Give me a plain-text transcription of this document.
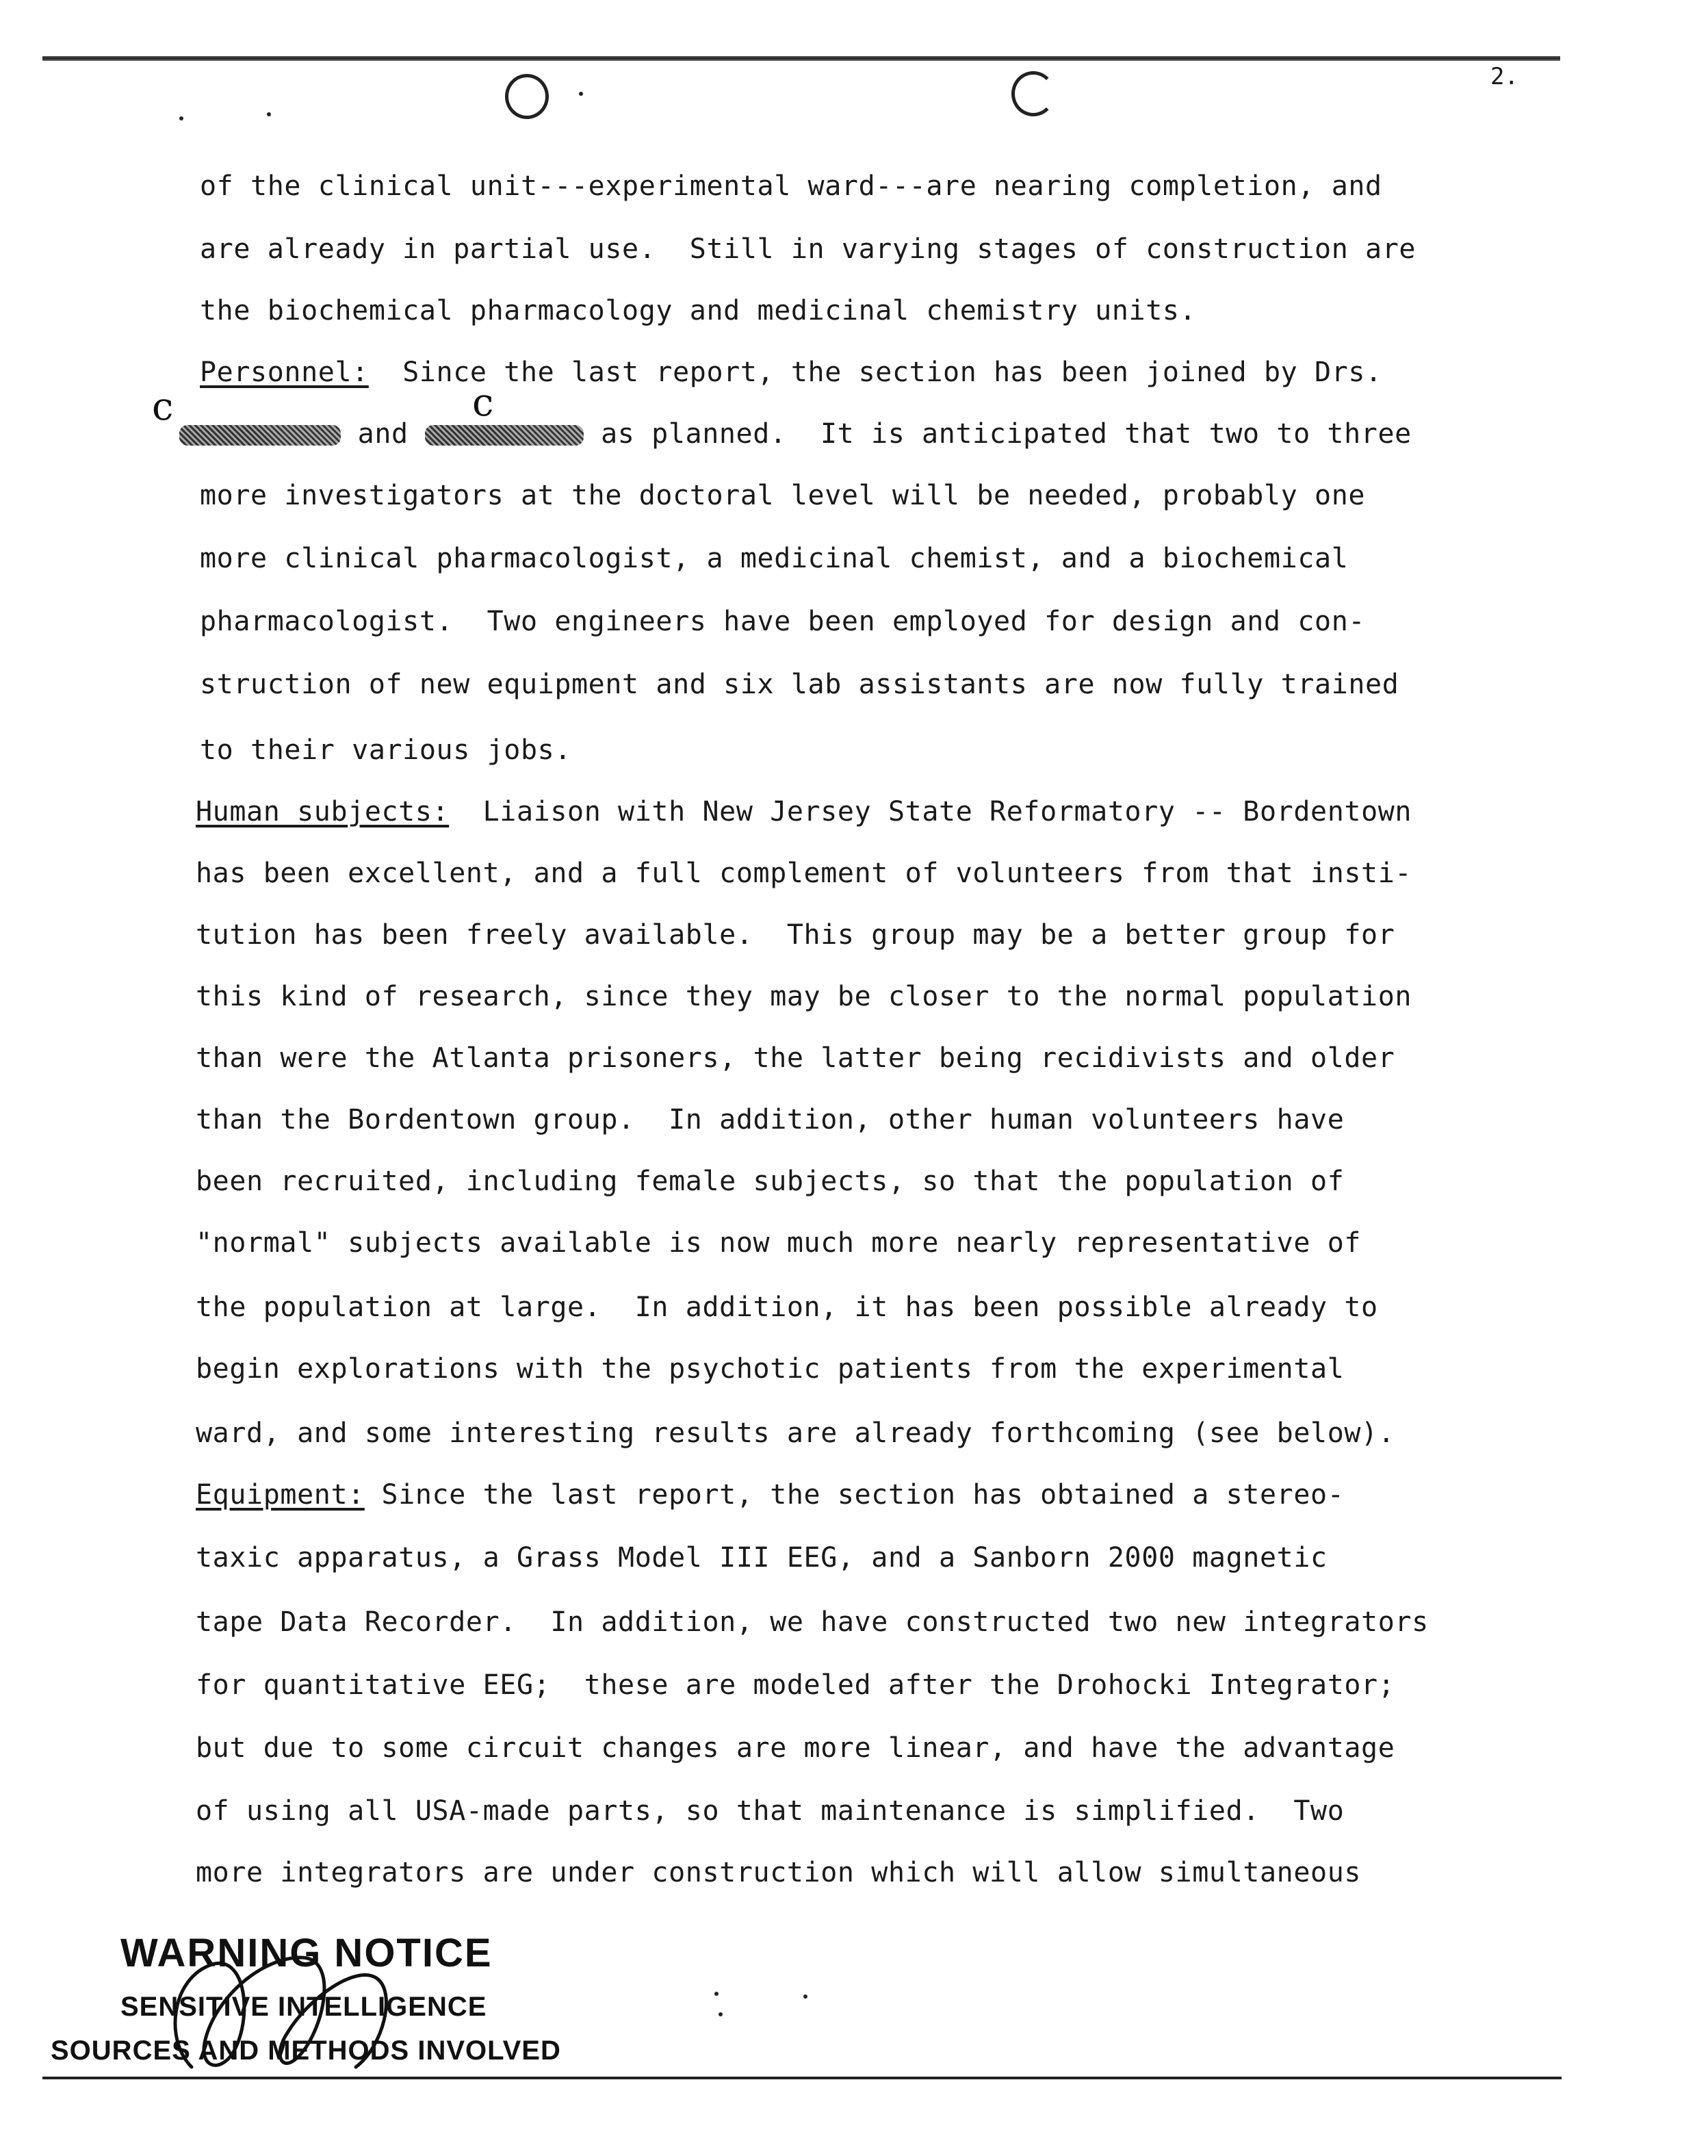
2.
of the clinical unit---experimental ward---are nearing completion, and
are already in partial use.  Still in varying stages of construction are
the biochemical pharmacology and medicinal chemistry units.
Personnel:  Since the last report, the section has been joined by Drs.
and	as planned.  It is anticipated that two to three
c	c
more investigators at the doctoral level will be needed, probably one
more clinical pharmacologist, a medicinal chemist, and a biochemical
pharmacologist.  Two engineers have been employed for design and con-
struction of new equipment and six lab assistants are now fully trained
to their various jobs.
Human subjects:  Liaison with New Jersey State Reformatory -- Bordentown
has been excellent, and a full complement of volunteers from that insti-
tution has been freely available.  This group may be a better group for
this kind of research, since they may be closer to the normal population
than were the Atlanta prisoners, the latter being recidivists and older
than the Bordentown group.  In addition, other human volunteers have
been recruited, including female subjects, so that the population of
"normal" subjects available is now much more nearly representative of
the population at large.  In addition, it has been possible already to
begin explorations with the psychotic patients from the experimental
ward, and some interesting results are already forthcoming (see below).
Equipment: Since the last report, the section has obtained a stereo-
taxic apparatus, a Grass Model III EEG, and a Sanborn 2000 magnetic
tape Data Recorder.  In addition, we have constructed two new integrators
for quantitative EEG;  these are modeled after the Drohocki Integrator;
but due to some circuit changes are more linear, and have the advantage
of using all USA-made parts, so that maintenance is simplified.  Two
more integrators are under construction which will allow simultaneous
WARNING NOTICE
SENSITIVE INTELLIGENCE
SOURCES AND METHODS INVOLVED
